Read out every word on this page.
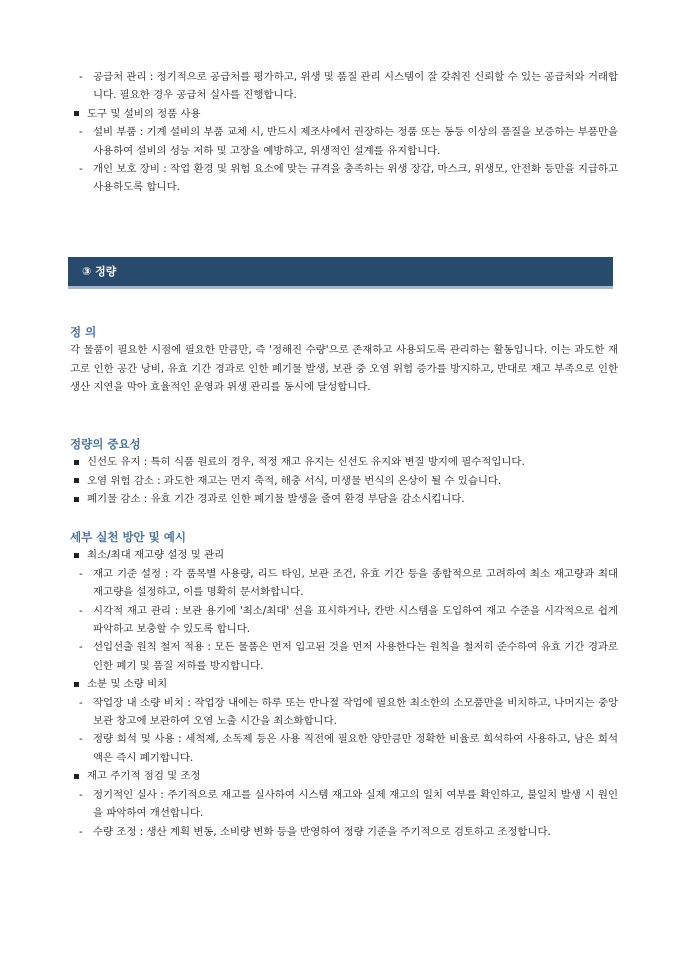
- 공급처 관리 : 정기적으로 공급처를 평가하고, 위생 및 품질 관리 시스템이 잘 갖춰진 신뢰할 수 있는 공급처와 거래합니다. 필요한 경우 공급처 실사를 진행합니다.
도구 및 설비의 정품 사용
- 설비 부품 : 기계 설비의 부품 교체 시, 반드시 제조사에서 권장하는 정품 또는 동등 이상의 품질을 보증하는 부품만을 사용하여 설비의 성능 저하 및 고장을 예방하고, 위생적인 설계를 유지합니다.
- 개인 보호 장비 : 작업 환경 및 위험 요소에 맞는 규격을 충족하는 위생 장갑, 마스크, 위생모, 안전화 등만을 지급하고 사용하도록 합니다.
③ 정량
정 의
각 물품이 필요한 시점에 필요한 만큼만, 즉 '정해진 수량'으로 존재하고 사용되도록 관리하는 활동입니다. 이는 과도한 재고로 인한 공간 낭비, 유효 기간 경과로 인한 폐기물 발생, 보관 중 오염 위험 증가를 방지하고, 반대로 재고 부족으로 인한 생산 지연을 막아 효율적인 운영과 위생 관리를 동시에 달성합니다.
정량의 중요성
신선도 유지 : 특히 식품 원료의 경우, 적정 재고 유지는 신선도 유지와 변질 방지에 필수적입니다.
오염 위험 감소 : 과도한 재고는 먼지 축적, 해충 서식, 미생물 번식의 온상이 될 수 있습니다.
폐기물 감소 : 유효 기간 경과로 인한 폐기물 발생을 줄여 환경 부담을 감소시킵니다.
세부 실천 방안 및 예시
최소/최대 재고량 설정 및 관리
- 재고 기준 설정 : 각 품목별 사용량, 리드 타임, 보관 조건, 유효 기간 등을 종합적으로 고려하여 최소 재고량과 최대 재고량을 설정하고, 이를 명확히 문서화합니다.
- 시각적 재고 관리 : 보관 용기에 '최소/최대' 선을 표시하거나, 칸반 시스템을 도입하여 재고 수준을 시각적으로 쉽게 파악하고 보충할 수 있도록 합니다.
- 선입선출 원칙 철저 적용 : 모든 물품은 먼저 입고된 것을 먼저 사용한다는 원칙을 철저히 준수하여 유효 기간 경과로 인한 폐기 및 품질 저하를 방지합니다.
소분 및 소량 비치
- 작업장 내 소량 비치 : 작업장 내에는 하루 또는 반나절 작업에 필요한 최소한의 소모품만을 비치하고, 나머지는 중앙 보관 창고에 보관하여 오염 노출 시간을 최소화합니다.
- 정량 희석 및 사용 : 세척제, 소독제 등은 사용 직전에 필요한 양만큼만 정확한 비율로 희석하여 사용하고, 남은 희석액은 즉시 폐기합니다.
재고 주기적 점검 및 조정
- 정기적인 실사 : 주기적으로 재고를 실사하여 시스템 재고와 실제 재고의 일치 여부를 확인하고, 불일치 발생 시 원인을 파악하여 개선합니다.
- 수량 조정 : 생산 계획 변동, 소비량 변화 등을 반영하여 정량 기준을 주기적으로 검토하고 조정합니다.
